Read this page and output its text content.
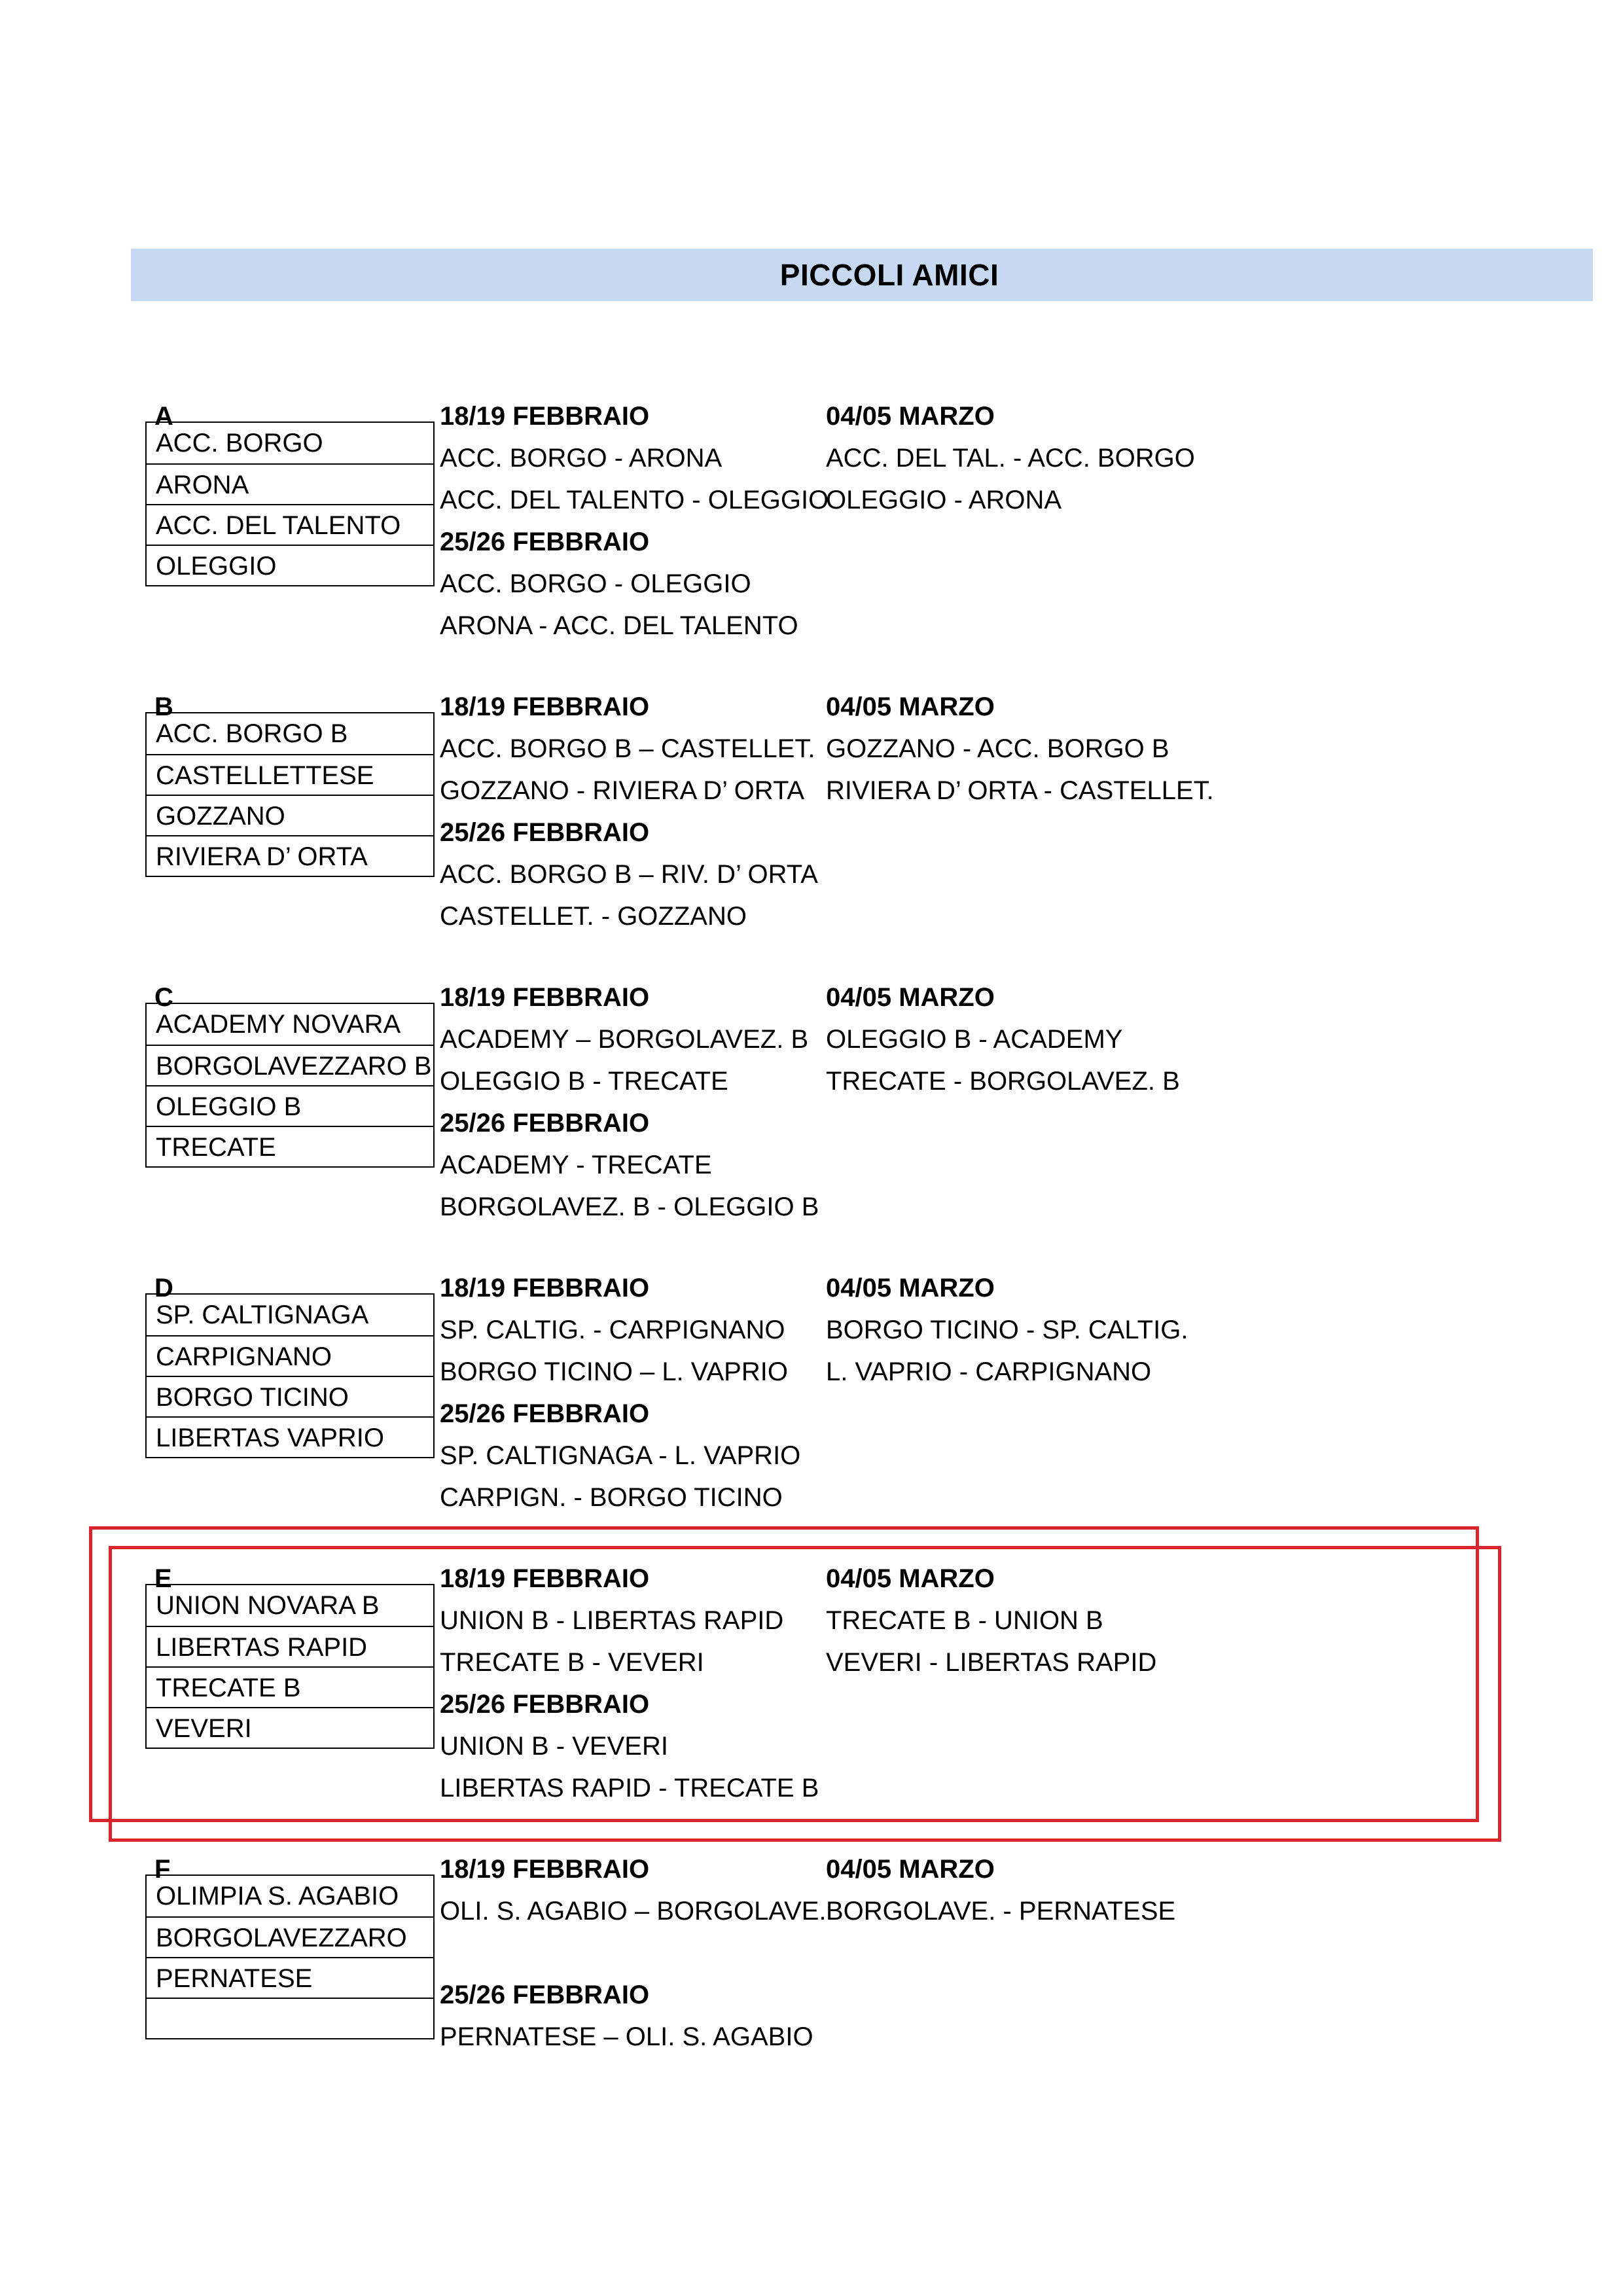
PICCOLI AMICI
A
ACC. BORGO
ARONA
ACC. DEL TALENTO
OLEGGIO
18/19 FEBBRAIO
ACC. BORGO - ARONA
ACC. DEL TALENTO - OLEGGIO
25/26 FEBBRAIO
ACC. BORGO - OLEGGIO
ARONA - ACC. DEL TALENTO
04/05 MARZO
ACC. DEL TAL. - ACC. BORGO
OLEGGIO - ARONA
B
ACC. BORGO B
CASTELLETTESE
GOZZANO
RIVIERA D’ ORTA
18/19 FEBBRAIO
ACC. BORGO B – CASTELLET.
GOZZANO - RIVIERA D’ ORTA
25/26 FEBBRAIO
ACC. BORGO B – RIV. D’ ORTA
CASTELLET. - GOZZANO
04/05 MARZO
GOZZANO - ACC. BORGO B
RIVIERA D’ ORTA - CASTELLET.
C
ACADEMY NOVARA
BORGOLAVEZZARO B
OLEGGIO B
TRECATE
18/19 FEBBRAIO
ACADEMY – BORGOLAVEZ. B
OLEGGIO B - TRECATE
25/26 FEBBRAIO
ACADEMY - TRECATE
BORGOLAVEZ. B - OLEGGIO B
04/05 MARZO
OLEGGIO B - ACADEMY
TRECATE - BORGOLAVEZ. B
D
SP. CALTIGNAGA
CARPIGNANO
BORGO TICINO
LIBERTAS VAPRIO
18/19 FEBBRAIO
SP. CALTIG. - CARPIGNANO
BORGO TICINO – L. VAPRIO
25/26 FEBBRAIO
SP. CALTIGNAGA - L. VAPRIO
CARPIGN. - BORGO TICINO
04/05 MARZO
BORGO TICINO - SP. CALTIG.
L. VAPRIO - CARPIGNANO
E
UNION NOVARA B
LIBERTAS RAPID
TRECATE B
VEVERI
18/19 FEBBRAIO
UNION B - LIBERTAS RAPID
TRECATE B - VEVERI
25/26 FEBBRAIO
UNION B - VEVERI
LIBERTAS RAPID - TRECATE B
04/05 MARZO
TRECATE B - UNION B
VEVERI - LIBERTAS RAPID
F
OLIMPIA S. AGABIO
BORGOLAVEZZARO
PERNATESE
18/19 FEBBRAIO
OLI. S. AGABIO – BORGOLAVE.
25/26 FEBBRAIO
PERNATESE – OLI. S. AGABIO
04/05 MARZO
BORGOLAVE. - PERNATESE
